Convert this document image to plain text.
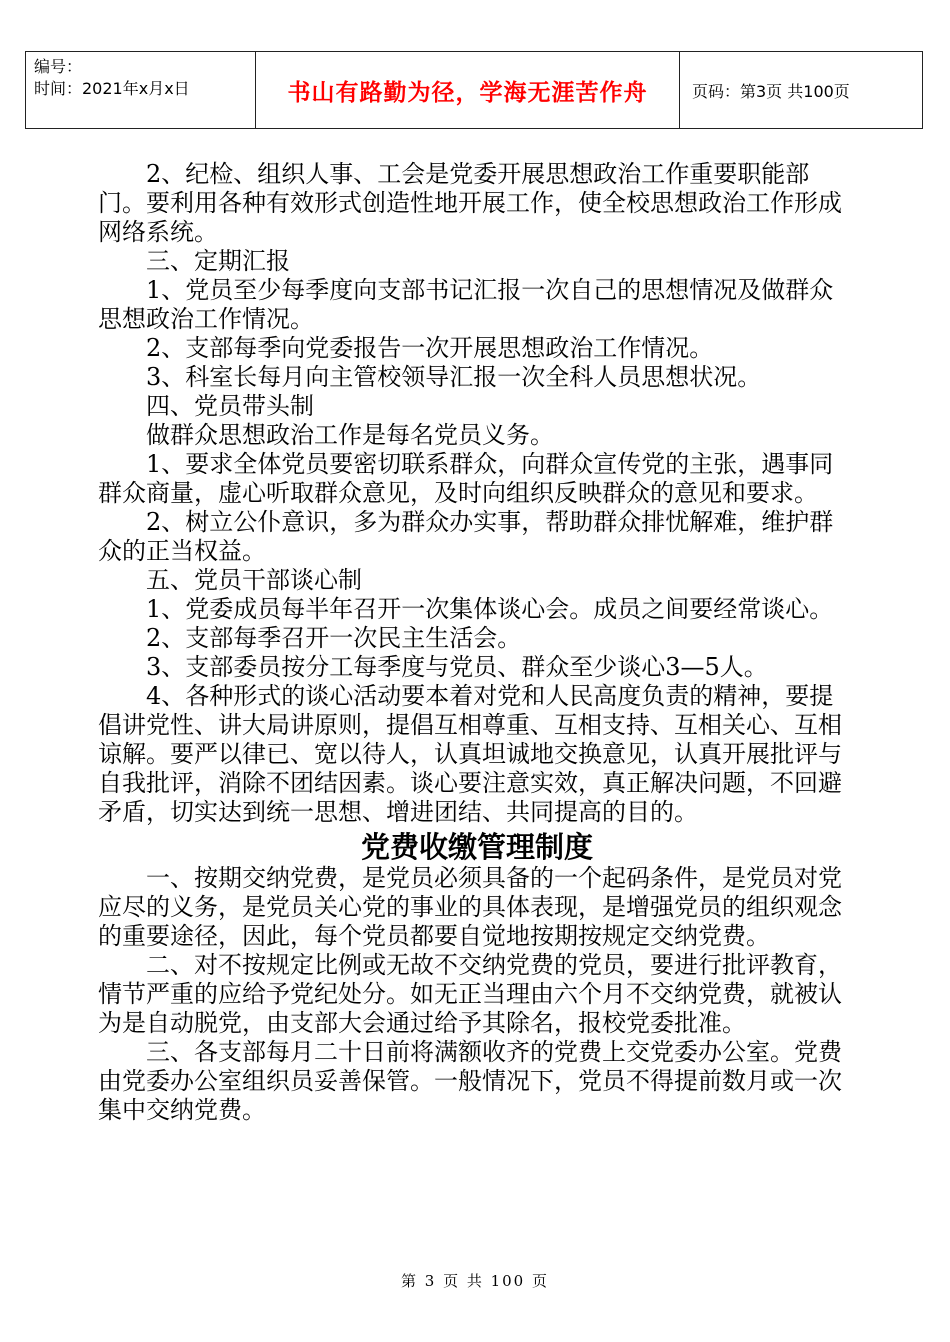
编号：
时间：2021年x月x日	书山有路勤为径，学海无涯苦作舟	页码：第3页 共100页

2、纪检、组织人事、工会是党委开展思想政治工作重要职能部门。要利用各种有效形式创造性地开展工作，使全校思想政治工作形成网络系统。

三、定期汇报

1、党员至少每季度向支部书记汇报一次自己的思想情况及做群众思想政治工作情况。

2、支部每季向党委报告一次开展思想政治工作情况。

3、科室长每月向主管校领导汇报一次全科人员思想状况。

四、党员带头制

做群众思想政治工作是每名党员义务。

1、要求全体党员要密切联系群众，向群众宣传党的主张，遇事同群众商量，虚心听取群众意见，及时向组织反映群众的意见和要求。

2、树立公仆意识，多为群众办实事，帮助群众排忧解难，维护群众的正当权益。

五、党员干部谈心制

1、党委成员每半年召开一次集体谈心会。成员之间要经常谈心。

2、支部每季召开一次民主生活会。

3、支部委员按分工每季度与党员、群众至少谈心3—5人。

4、各种形式的谈心活动要本着对党和人民高度负责的精神，要提倡讲党性、讲大局讲原则，提倡互相尊重、互相支持、互相关心、互相谅解。要严以律已、宽以待人，认真坦诚地交换意见，认真开展批评与自我批评，消除不团结因素。谈心要注意实效，真正解决问题，不回避矛盾，切实达到统一思想、增进团结、共同提高的目的。

党费收缴管理制度

一、按期交纳党费，是党员必须具备的一个起码条件，是党员对党应尽的义务，是党员关心党的事业的具体表现，是增强党员的组织观念的重要途径，因此，每个党员都要自觉地按期按规定交纳党费。

二、对不按规定比例或无故不交纳党费的党员，要进行批评教育，情节严重的应给予党纪处分。如无正当理由六个月不交纳党费，就被认为是自动脱党，由支部大会通过给予其除名，报校党委批准。

三、各支部每月二十日前将满额收齐的党费上交党委办公室。党费由党委办公室组织员妥善保管。一般情况下，党员不得提前数月或一次集中交纳党费。

第 3 页 共 100 页
